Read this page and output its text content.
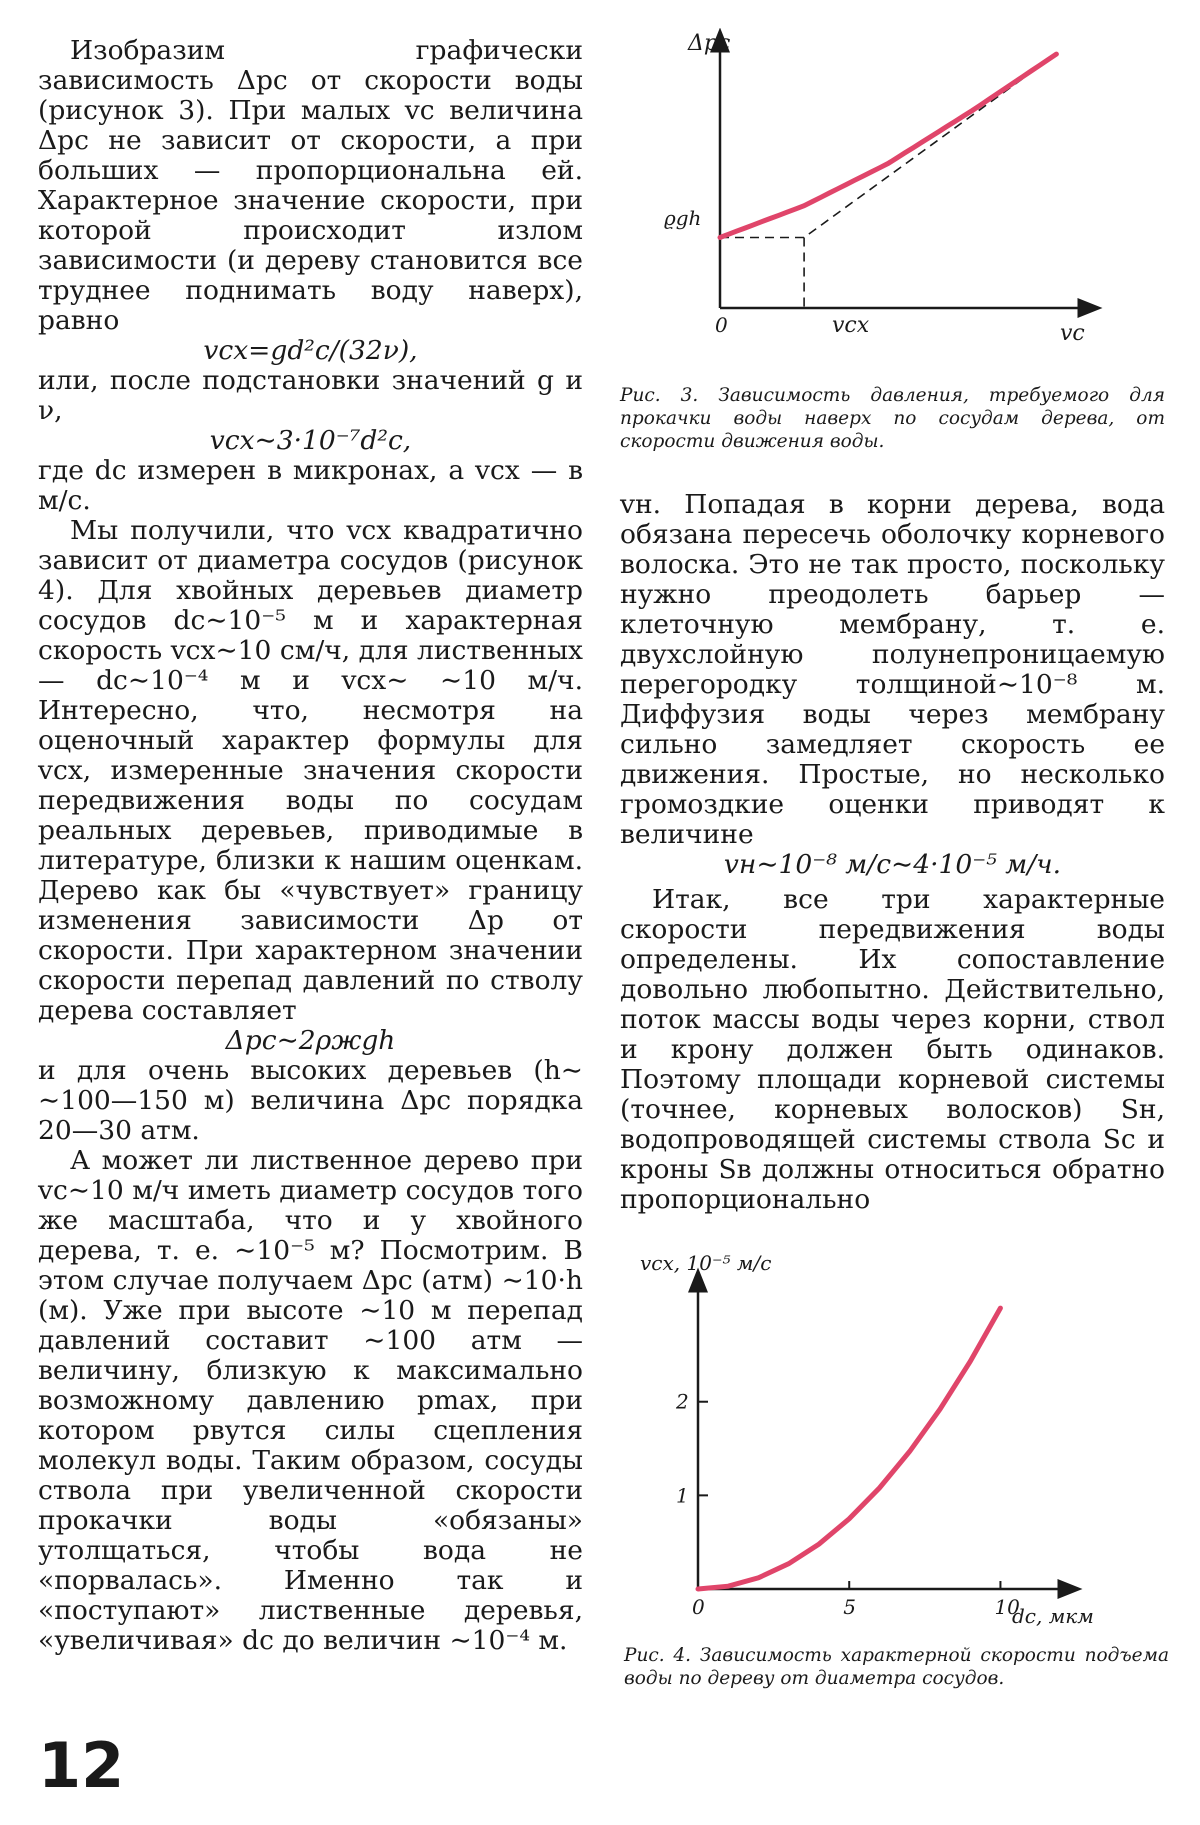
Изобразим графически зависимость Δpc от скорости воды (рисунок 3). При малых vc величина Δpc не зависит от скорости, а при больших — пропорциональна ей. Характерное значение скорости, при которой происходит излом зависимости (и дереву становится все труднее поднимать воду наверх), равно

vсх=gd²c/(32ν),

или, после подстановки значений g и ν,

vсх∼3·10⁻⁷d²c,

где dc измерен в микронах, а vсх — в м/с.

Мы получили, что vсх квадратично зависит от диаметра сосудов (рисунок 4). Для хвойных деревьев диаметр сосудов dc∼10⁻⁵ м и характерная скорость vсх∼10 см/ч, для лиственных — dc∼10⁻⁴ м и vсх∼ ∼10 м/ч. Интересно, что, несмотря на оценочный характер формулы для vсх, измеренные значения скорости передвижения воды по сосудам реальных деревьев, приводимые в литературе, близки к нашим оценкам. Дерево как бы «чувствует» границу изменения зависимости Δp от скорости. При характерном значении скорости перепад давлений по стволу дерева составляет

Δpc∼2ρжgh

и для очень высоких деревьев (h∼ ∼100—150 м) величина Δpc порядка 20—30 атм.

А может ли лиственное дерево при vc∼10 м/ч иметь диаметр сосудов того же масштаба, что и у хвойного дерева, т. е. ∼10⁻⁵ м? Посмотрим. В этом случае получаем Δpc (атм) ∼10·h (м). Уже при высоте ∼10 м перепад давлений составит ∼100 атм — величину, близкую к максимально возможному давлению pmax, при котором рвутся силы сцепления молекул воды. Таким образом, сосуды ствола при увеличенной скорости прокачки воды «обязаны» утолщаться, чтобы вода не «порвалась». Именно так и «поступают» лиственные деревья, «увеличивая» dc до величин ∼10⁻⁴ м.

Δpc
ϱgh
0	vcx	vc
Рис. 3. Зависимость давления, требуемого для прокачки воды наверх по сосудам дерева, от скорости движения воды.

vн. Попадая в корни дерева, вода обязана пересечь оболочку корневого волоска. Это не так просто, поскольку нужно преодолеть барьер — клеточную мембрану, т. е. двухслойную полунепроницаемую перегородку толщиной∼10⁻⁸ м. Диффузия воды через мембрану сильно замедляет скорость ее движения. Простые, но несколько громоздкие оценки приводят к величине

vн∼10⁻⁸ м/с∼4·10⁻⁵ м/ч.

Итак, все три характерные скорости передвижения воды определены. Их сопоставление довольно любопытно. Действительно, поток массы воды через корни, ствол и крону должен быть одинаков. Поэтому площади корневой системы (точнее, корневых волосков) Sн, водопроводящей системы ствола Sс и кроны Sв должны относиться обратно пропорционально

0	5	10
1
2
vcx, 10⁻⁵ м/с
dc, мкм
Рис. 4. Зависимость характерной скорости подъема воды по дереву от диаметра сосудов.
12
